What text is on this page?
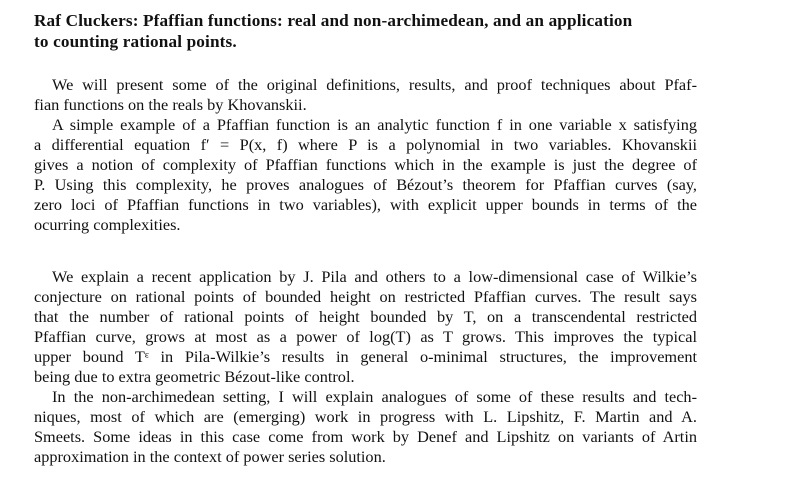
Raf Cluckers: Pfaffian functions: real and non-archimedean, and an application
to counting rational points.
We will present some of the original definitions, results, and proof techniques about Pfaf-
fian functions on the reals by Khovanskii.
A simple example of a Pfaffian function is an analytic function f in one variable x satisfying
a differential equation f′ = P(x, f) where P is a polynomial in two variables. Khovanskii
gives a notion of complexity of Pfaffian functions which in the example is just the degree of
P. Using this complexity, he proves analogues of Bézout’s theorem for Pfaffian curves (say,
zero loci of Pfaffian functions in two variables), with explicit upper bounds in terms of the
ocurring complexities.
We explain a recent application by J. Pila and others to a low-dimensional case of Wilkie’s
conjecture on rational points of bounded height on restricted Pfaffian curves. The result says
that the number of rational points of height bounded by T, on a transcendental restricted
Pfaffian curve, grows at most as a power of log(T) as T grows. This improves the typical
upper bound Tᵋ in Pila-Wilkie’s results in general o-minimal structures, the improvement
being due to extra geometric Bézout-like control.
In the non-archimedean setting, I will explain analogues of some of these results and tech-
niques, most of which are (emerging) work in progress with L. Lipshitz, F. Martin and A.
Smeets. Some ideas in this case come from work by Denef and Lipshitz on variants of Artin
approximation in the context of power series solution.
